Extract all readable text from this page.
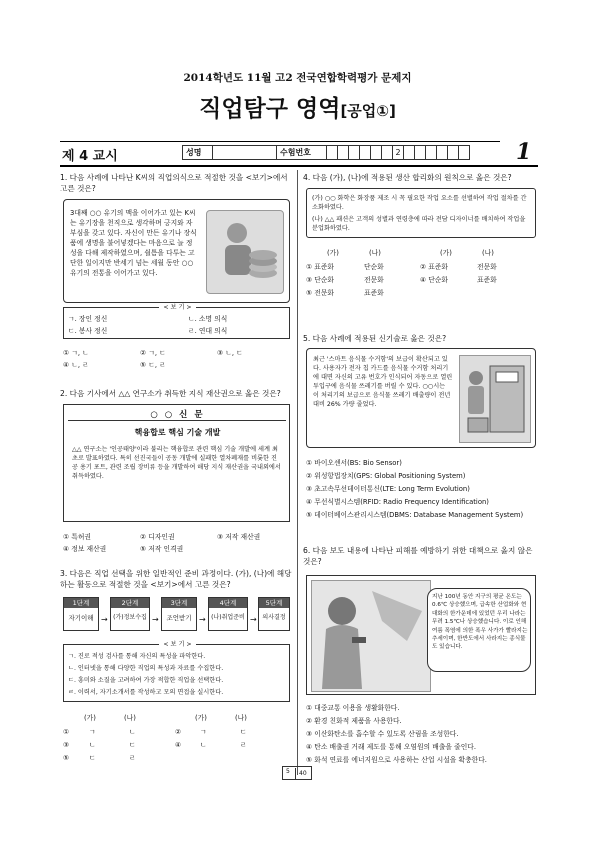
2014학년도 11월 고2 전국연합학력평가 문제지
직업탐구 영역[공업①]
제 4 교시	성명		수험번호							2							1
1. 다음 사례에 나타난 K씨의 직업의식으로 적절한 것을 <보기>에서 고른 것은?
3대째 ○○ 유기의 맥을 이어가고 있는 K씨는 유기장을 천직으로 생각하며 긍지와 자부심을 갖고 있다. 자신이 만든 유기나 장식품에 생명을 불어넣겠다는 마음으로 늘 정성을 다해 제작하였으며, 쉴틈을 다투는 고단한 일이지만 반세기 넘는 세월 동안 ○○ 유기의 전통을 이어가고 있다.
< 보 기 >
ㄱ. 장인 정신	ㄴ. 소명 의식
ㄷ. 봉사 정신	ㄹ. 연대 의식
① ㄱ, ㄴ	② ㄱ, ㄷ	③ ㄴ, ㄷ
④ ㄴ, ㄹ	⑤ ㄷ, ㄹ
2. 다음 기사에서 △△ 연구소가 취득한 지식 재산권으로 옳은 것은?
○ ○ 신 문
핵융합로 핵심 기술 개발
△△ 연구소는 '인공태양'이라 불리는 핵융합로 관련 핵심 기술 개발에 세계 최초로 발표하였다. 특히 선진국들이 공동 개발에 실패한 열차폐재를 비롯한 진공 용기 포트, 관련 조립 장비류 등을 개발하여 해당 지식 재산권을 국내외에서 취득하였다.
① 특허권	② 디자인권	③ 저작 재산권
④ 정보 재산권	⑤ 저작 인격권
3. 다음은 직업 선택을 위한 일반적인 준비 과정이다. (가), (나)에 해당하는 활동으로 적절한 것을 <보기>에서 고른 것은?
1단계
자기이해 →
2단계
(가)정보수집 →
3단계
조언받기 →
4단계
(나)취업준비 →
5단계
의사결정
< 보 기 >
ㄱ. 진로 적성 검사를 통해 자신의 특성을 파악한다.
ㄴ. 인터넷을 통해 다양한 직업의 특성과 자료를 수집한다.
ㄷ. 흥미와 소질을 고려하여 가장 적합한 직업을 선택한다.
ㄹ. 이력서, 자기소개서를 작성하고 모의 면접을 실시한다.
(가)	(나)	(가)	(나)
①	ㄱ	ㄴ	②	ㄱ	ㄷ
③	ㄴ	ㄷ	④	ㄴ	ㄹ
⑤	ㄷ	ㄹ
4. 다음 (가), (나)에 적용된 생산 합리화의 원칙으로 옳은 것은?
(가) ○○ 화학은 화장품 제조 시 꼭 필요한 작업 요소를 선별하여 작업 절차를 간소화하였다.
(나) △△ 패션은 고객의 성별과 연령층에 따라 전담 디자이너를 배치하여 작업을 분업화하였다.
(가)	(나)	(가)	(나)
① 표준화	단순화	② 표준화	전문화
③ 단순화	전문화	④ 단순화	표준화
⑤ 전문화	표준화
5. 다음 사례에 적용된 신기술로 옳은 것은?
최근 '스마트 음식물 수거함'의 보급이 확산되고 있다. 사용자가 전자 칩 카드를 음식물 수거함 처리기에 대면 자신의 고유 번호가 인식되어 자동으로 열린 투입구에 음식물 쓰레기를 버릴 수 있다. ○○시는 이 처리기의 보급으로 음식물 쓰레기 배출량이 전년 대비 26% 가량 줄었다.
① 바이오센서(BS: Bio Sensor)
② 위성항법장치(GPS: Global Positioning System)
③ 초고속무선데이터통신(LTE: Long Term Evolution)
④ 무선식별시스템(RFID: Radio Frequency Identification)
⑤ 데이터베이스관리시스템(DBMS: Database Management System)
6. 다음 보도 내용에 나타난 피해를 예방하기 위한 대책으로 옳지 않은 것은?
지난 100년 동안 지구의 평균 온도는 0.6℃ 상승했으며, 급속한 산업화와 현대화의 한가운데에 있었던 우리 나라는 무려 1.5℃나 상승했습니다. 이로 인해 여름 폭염에 의한 폭우 사가가 빨라지는 추세이며, 한반도에서 사라지는 종식물도 있습니다.
① 대중교통 이용을 생활화한다.
② 환경 친화적 제품을 사용한다.
③ 이산화탄소를 흡수할 수 있도록 산림을 조성한다.
④ 탄소 배출권 거래 제도를 통해 오염원의 배출을 줄인다.
⑤ 화석 연료를 에너지원으로 사용하는 산업 시설을 확충한다.
5 40
